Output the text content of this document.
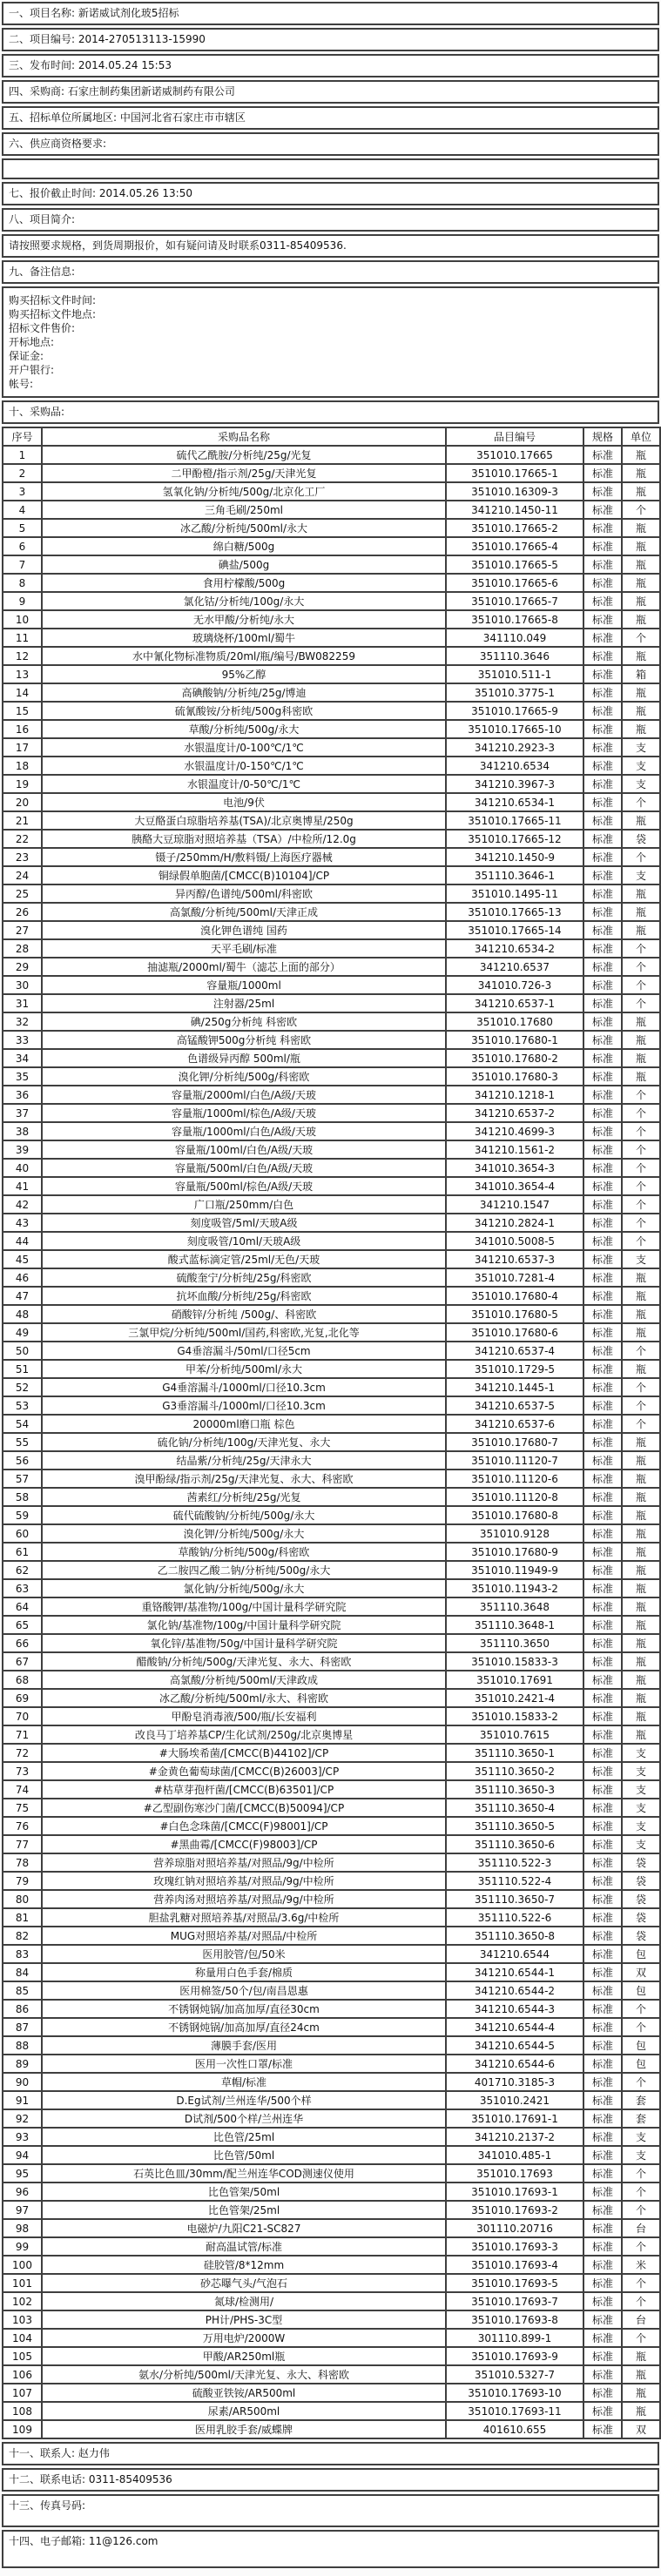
一、项目名称: 新诺威试剂化玻5招标
二、项目编号: 2014-270513113-15990
三、发布时间: 2014.05.24 15:53
四、采购商: 石家庄制药集团新诺威制药有限公司
五、招标单位所属地区: 中国河北省石家庄市市辖区
六、供应商资格要求:
七、报价截止时间: 2014.05.26 13:50
八、项目简介:
请按照要求规格，到货周期报价，如有疑问请及时联系0311-85409536.
九、备注信息:
购买招标文件时间:
购买招标文件地点:
招标文件售价:
开标地点:
保证金:
开户银行:
帐号:
十、采购品:
序号	采购品名称	品目编号	规格	单位
1	硫代乙酰胺/分析纯/25g/光复	351010.17665	标准	瓶
2	二甲酚橙/指示剂/25g/天津光复	351010.17665-1	标准	瓶
3	氢氧化钠/分析纯/500g/北京化工厂	351010.16309-3	标准	瓶
4	三角毛刷/250ml	341210.1450-11	标准	个
5	冰乙酸/分析纯/500ml/永大	351010.17665-2	标准	瓶
6	绵白糖/500g	351010.17665-4	标准	瓶
7	碘盐/500g	351010.17665-5	标准	瓶
8	食用柠檬酸/500g	351010.17665-6	标准	瓶
9	氯化钴/分析纯/100g/永大	351010.17665-7	标准	瓶
10	无水甲酸/分析纯/永大	351010.17665-8	标准	瓶
11	玻璃烧杯/100ml/蜀牛	341110.049	标准	个
12	水中氰化物标准物质/20ml/瓶/编号/BW082259	351110.3646	标准	瓶
13	95%乙醇	351010.511-1	标准	箱
14	高碘酸钠/分析纯/25g/博迪	351010.3775-1	标准	瓶
15	硫氰酸铵/分析纯/500g科密欧	351010.17665-9	标准	瓶
16	草酸/分析纯/500g/永大	351010.17665-10	标准	瓶
17	水银温度计/0-100℃/1℃	341210.2923-3	标准	支
18	水银温度计/0-150℃/1℃	341210.6534	标准	支
19	水银温度计/0-50℃/1℃	341210.3967-3	标准	支
20	电池/9伏	341210.6534-1	标准	个
21	大豆酪蛋白琼脂培养基(TSA)/北京奥博星/250g	351010.17665-11	标准	瓶
22	胰酪大豆琼脂对照培养基（TSA）/中检所/12.0g	351010.17665-12	标准	袋
23	镊子/250mm/H/敷料镊/上海医疗器械	341210.1450-9	标准	个
24	铜绿假单胞菌/[CMCC(B)10104]/CP	351110.3646-1	标准	支
25	异丙醇/色谱纯/500ml/科密欧	351010.1495-11	标准	瓶
26	高氯酸/分析纯/500ml/天津正成	351010.17665-13	标准	瓶
27	溴化钾色谱纯 国药	351010.17665-14	标准	瓶
28	天平毛刷/标准	341210.6534-2	标准	个
29	抽滤瓶/2000ml/蜀牛（滤芯上面的部分）	341210.6537	标准	个
30	容量瓶/1000ml	341010.726-3	标准	个
31	注射器/25ml	341210.6537-1	标准	个
32	碘/250g分析纯 科密欧	351010.17680	标准	瓶
33	高锰酸钾500g分析纯 科密欧	351010.17680-1	标准	瓶
34	色谱级异丙醇 500ml/瓶	351010.17680-2	标准	瓶
35	溴化钾/分析纯/500g/科密欧	351010.17680-3	标准	瓶
36	容量瓶/2000ml/白色/A级/天玻	341210.1218-1	标准	个
37	容量瓶/1000ml/棕色/A级/天玻	341210.6537-2	标准	个
38	容量瓶/1000ml/白色/A级/天玻	341210.4699-3	标准	个
39	容量瓶/100ml/白色/A级/天玻	341210.1561-2	标准	个
40	容量瓶/500ml/白色/A级/天玻	341010.3654-3	标准	个
41	容量瓶/500ml/棕色/A级/天玻	341010.3654-4	标准	个
42	广口瓶/250mm/白色	341210.1547	标准	个
43	刻度吸管/5ml/天玻A级	341210.2824-1	标准	个
44	刻度吸管/10ml/天玻A级	341010.5008-5	标准	个
45	酸式蓝标滴定管/25ml/无色/天玻	341210.6537-3	标准	支
46	硫酸奎宁/分析纯/25g/科密欧	351010.7281-4	标准	瓶
47	抗坏血酸/分析纯/25g/科密欧	351010.17680-4	标准	瓶
48	硝酸锌/分析纯 /500g/、科密欧	351010.17680-5	标准	瓶
49	三氯甲烷/分析纯/500ml/国药,科密欧,光复,北化等	351010.17680-6	标准	瓶
50	G4垂溶漏斗/50ml/口径5cm	341210.6537-4	标准	个
51	甲苯/分析纯/500ml/永大	351010.1729-5	标准	瓶
52	G4垂溶漏斗/1000ml/口径10.3cm	341210.1445-1	标准	个
53	G3垂溶漏斗/1000ml/口径10.3cm	341210.6537-5	标准	个
54	20000ml磨口瓶 棕色	341210.6537-6	标准	个
55	硫化钠/分析纯/100g/天津光复、永大	351010.17680-7	标准	瓶
56	结晶紫/分析纯/25g/天津永大	351010.11120-7	标准	瓶
57	溴甲酚绿/指示剂/25g/天津光复、永大、科密欧	351010.11120-6	标准	瓶
58	茜素红/分析纯/25g/光复	351010.11120-8	标准	瓶
59	硫代硫酸钠/分析纯/500g/永大	351010.17680-8	标准	瓶
60	溴化钾/分析纯/500g/永大	351010.9128	标准	瓶
61	草酸钠/分析纯/500g/科密欧	351010.17680-9	标准	瓶
62	乙二胺四乙酸二钠/分析纯/500g/永大	351010.11949-9	标准	瓶
63	氯化钠/分析纯/500g/永大	351010.11943-2	标准	瓶
64	重铬酸钾/基准物/100g/中国计量科学研究院	351110.3648	标准	瓶
65	氯化钠/基准物/100g/中国计量科学研究院	351110.3648-1	标准	瓶
66	氧化锌/基准物/50g/中国计量科学研究院	351110.3650	标准	瓶
67	醋酸钠/分析纯/500g/天津光复、永大、科密欧	351010.15833-3	标准	瓶
68	高氯酸/分析纯/500ml/天津政成	351010.17691	标准	瓶
69	冰乙酸/分析纯/500ml/永大、科密欧	351010.2421-4	标准	瓶
70	甲酚皂消毒液/500/瓶/长安福利	351010.15833-2	标准	瓶
71	改良马丁培养基CP/生化试剂/250g/北京奥博星	351010.7615	标准	瓶
72	#大肠埃希菌/[CMCC(B)44102]/CP	351110.3650-1	标准	支
73	#金黄色葡萄球菌/[CMCC(B)26003]/CP	351110.3650-2	标准	支
74	#枯草芽孢杆菌/[CMCC(B)63501]/CP	351110.3650-3	标准	支
75	#乙型副伤寒沙门菌/[CMCC(B)50094]/CP	351110.3650-4	标准	支
76	#白色念珠菌/[CMCC(F)98001]/CP	351110.3650-5	标准	支
77	#黑曲霉/[CMCC(F)98003]/CP	351110.3650-6	标准	支
78	营养琼脂对照培养基/对照品/9g/中检所	351110.522-3	标准	袋
79	玫瑰红钠对照培养基/对照品/9g/中检所	351110.522-4	标准	袋
80	营养肉汤对照培养基/对照品/9g/中检所	351110.3650-7	标准	袋
81	胆盐乳糖对照培养基/对照品/3.6g/中检所	351110.522-6	标准	袋
82	MUG对照培养基/对照品/中检所	351110.3650-8	标准	袋
83	医用胶管/包/50米	341210.6544	标准	包
84	称量用白色手套/棉质	341210.6544-1	标准	双
85	医用棉签/50个/包/南昌恩惠	341210.6544-2	标准	包
86	不锈钢炖锅/加高加厚/直径30cm	341210.6544-3	标准	个
87	不锈钢炖锅/加高加厚/直径24cm	341210.6544-4	标准	个
88	薄膜手套/医用	341210.6544-5	标准	包
89	医用一次性口罩/标准	341210.6544-6	标准	包
90	草帽/标准	401710.3185-3	标准	个
91	D.Eg试剂/兰州连华/500个样	351010.2421	标准	套
92	D试剂/500个样/兰州连华	351010.17691-1	标准	套
93	比色管/25ml	341210.2137-2	标准	支
94	比色管/50ml	341010.485-1	标准	支
95	石英比色皿/30mm/配兰州连华COD测速仪使用	351010.17693	标准	个
96	比色管架/50ml	351010.17693-1	标准	个
97	比色管架/25ml	351010.17693-2	标准	个
98	电磁炉/九阳C21-SC827	301110.20716	标准	台
99	耐高温试管/标准	351010.17693-3	标准	个
100	硅胶管/8*12mm	351010.17693-4	标准	米
101	砂芯曝气头/气泡石	351010.17693-5	标准	个
102	氮球/检测用/	351010.17693-7	标准	个
103	PH计/PHS-3C型	351010.17693-8	标准	台
104	万用电炉/2000W	301110.899-1	标准	个
105	甲酸/AR250ml瓶	351010.17693-9	标准	瓶
106	氨水/分析纯/500ml/天津光复、永大、科密欧	351010.5327-7	标准	瓶
107	硫酸亚铁铵/AR500ml	351010.17693-10	标准	瓶
108	尿素/AR500ml	351010.17693-11	标准	瓶
109	医用乳胶手套/威蝶牌	401610.655	标准	双
十一、联系人: 赵力伟
十二、联系电话: 0311-85409536
十三、传真号码:
十四、电子邮箱: 11@126.com
